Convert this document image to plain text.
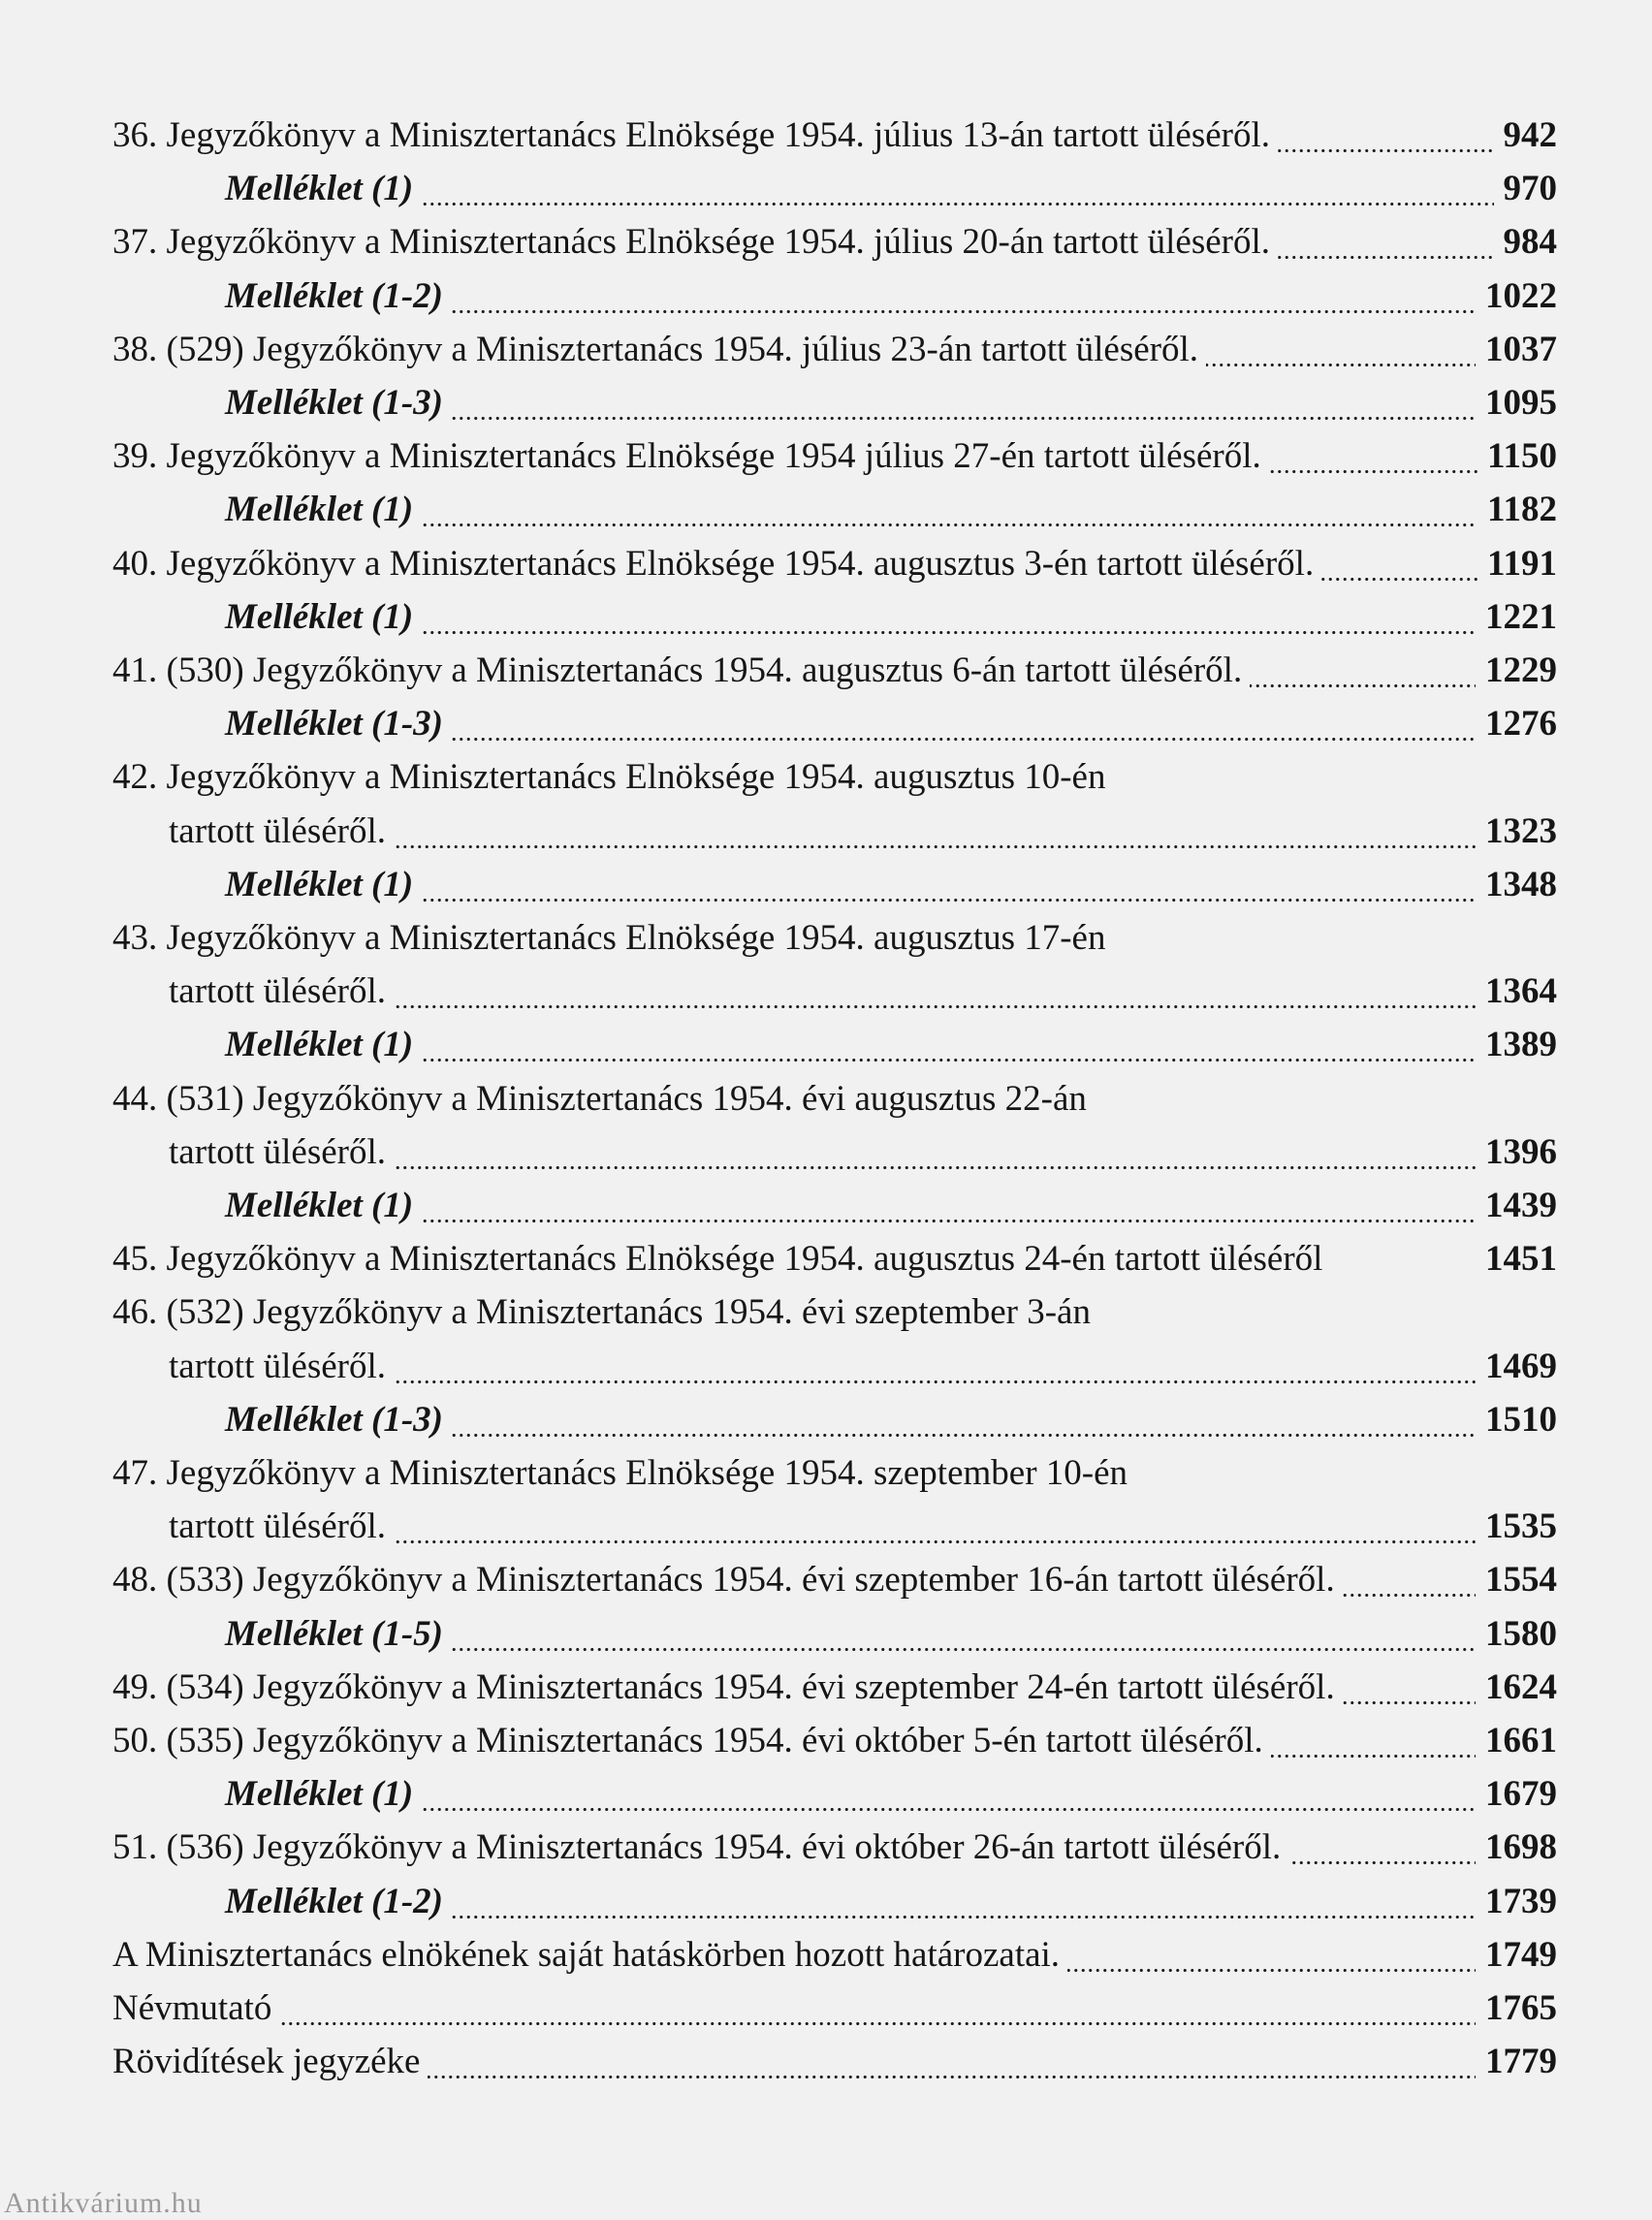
942
36. Jegyzőkönyv a Minisztertanács Elnöksége 1954. július 13-án tartott üléséről.
970
Melléklet (1)
984
37. Jegyzőkönyv a Minisztertanács Elnöksége 1954. július 20-án tartott üléséről.
1022
Melléklet (1-2)
1037
38. (529) Jegyzőkönyv a Minisztertanács 1954. július 23-án tartott üléséről.
1095
Melléklet (1-3)
1150
39. Jegyzőkönyv a Minisztertanács Elnöksége 1954 július 27-én tartott üléséről.
1182
Melléklet (1)
1191
40. Jegyzőkönyv a Minisztertanács Elnöksége 1954. augusztus 3-én tartott üléséről.
1221
Melléklet (1)
1229
41. (530) Jegyzőkönyv a Minisztertanács 1954. augusztus 6-án tartott üléséről.
1276
Melléklet (1-3)
42. Jegyzőkönyv a Minisztertanács Elnöksége 1954. augusztus 10-én
1323
tartott üléséről.
1348
Melléklet (1)
43. Jegyzőkönyv a Minisztertanács Elnöksége 1954. augusztus 17-én
1364
tartott üléséről.
1389
Melléklet (1)
44. (531) Jegyzőkönyv a Minisztertanács 1954. évi augusztus 22-án
1396
tartott üléséről.
1439
Melléklet (1)
1451
45. Jegyzőkönyv a Minisztertanács Elnöksége 1954. augusztus 24-én tartott üléséről
46. (532) Jegyzőkönyv a Minisztertanács 1954. évi szeptember 3-án
1469
tartott üléséről.
1510
Melléklet (1-3)
47. Jegyzőkönyv a Minisztertanács Elnöksége 1954. szeptember 10-én
1535
tartott üléséről.
1554
48. (533) Jegyzőkönyv a Minisztertanács 1954. évi szeptember 16-án tartott üléséről.
1580
Melléklet (1-5)
1624
49. (534) Jegyzőkönyv a Minisztertanács 1954. évi szeptember 24-én tartott üléséről.
1661
50. (535) Jegyzőkönyv a Minisztertanács 1954. évi október 5-én tartott üléséről.
1679
Melléklet (1)
1698
51. (536) Jegyzőkönyv a Minisztertanács 1954. évi október 26-án tartott üléséről.
1739
Melléklet (1-2)
1749
A Minisztertanács elnökének saját hatáskörben hozott határozatai.
1765
Névmutató
1779
Rövidítések jegyzéke
Antikvárium.hu
